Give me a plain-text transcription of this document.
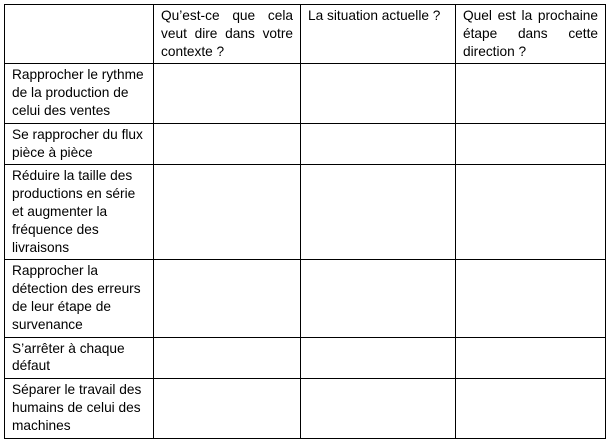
	Qu’est-ce que cela veut dire dans votre contexte ?	La situation actuelle ?	Quel est la prochaine étape dans cette direction ?
Rapprocher le rythme de la production de celui des ventes			
Se rapprocher du flux pièce à pièce			
Réduire la taille des productions en série et augmenter la fréquence des livraisons			
Rapprocher la détection des erreurs de leur étape de survenance			
S’arrêter à chaque défaut			
Séparer le travail des humains de celui des machines			
